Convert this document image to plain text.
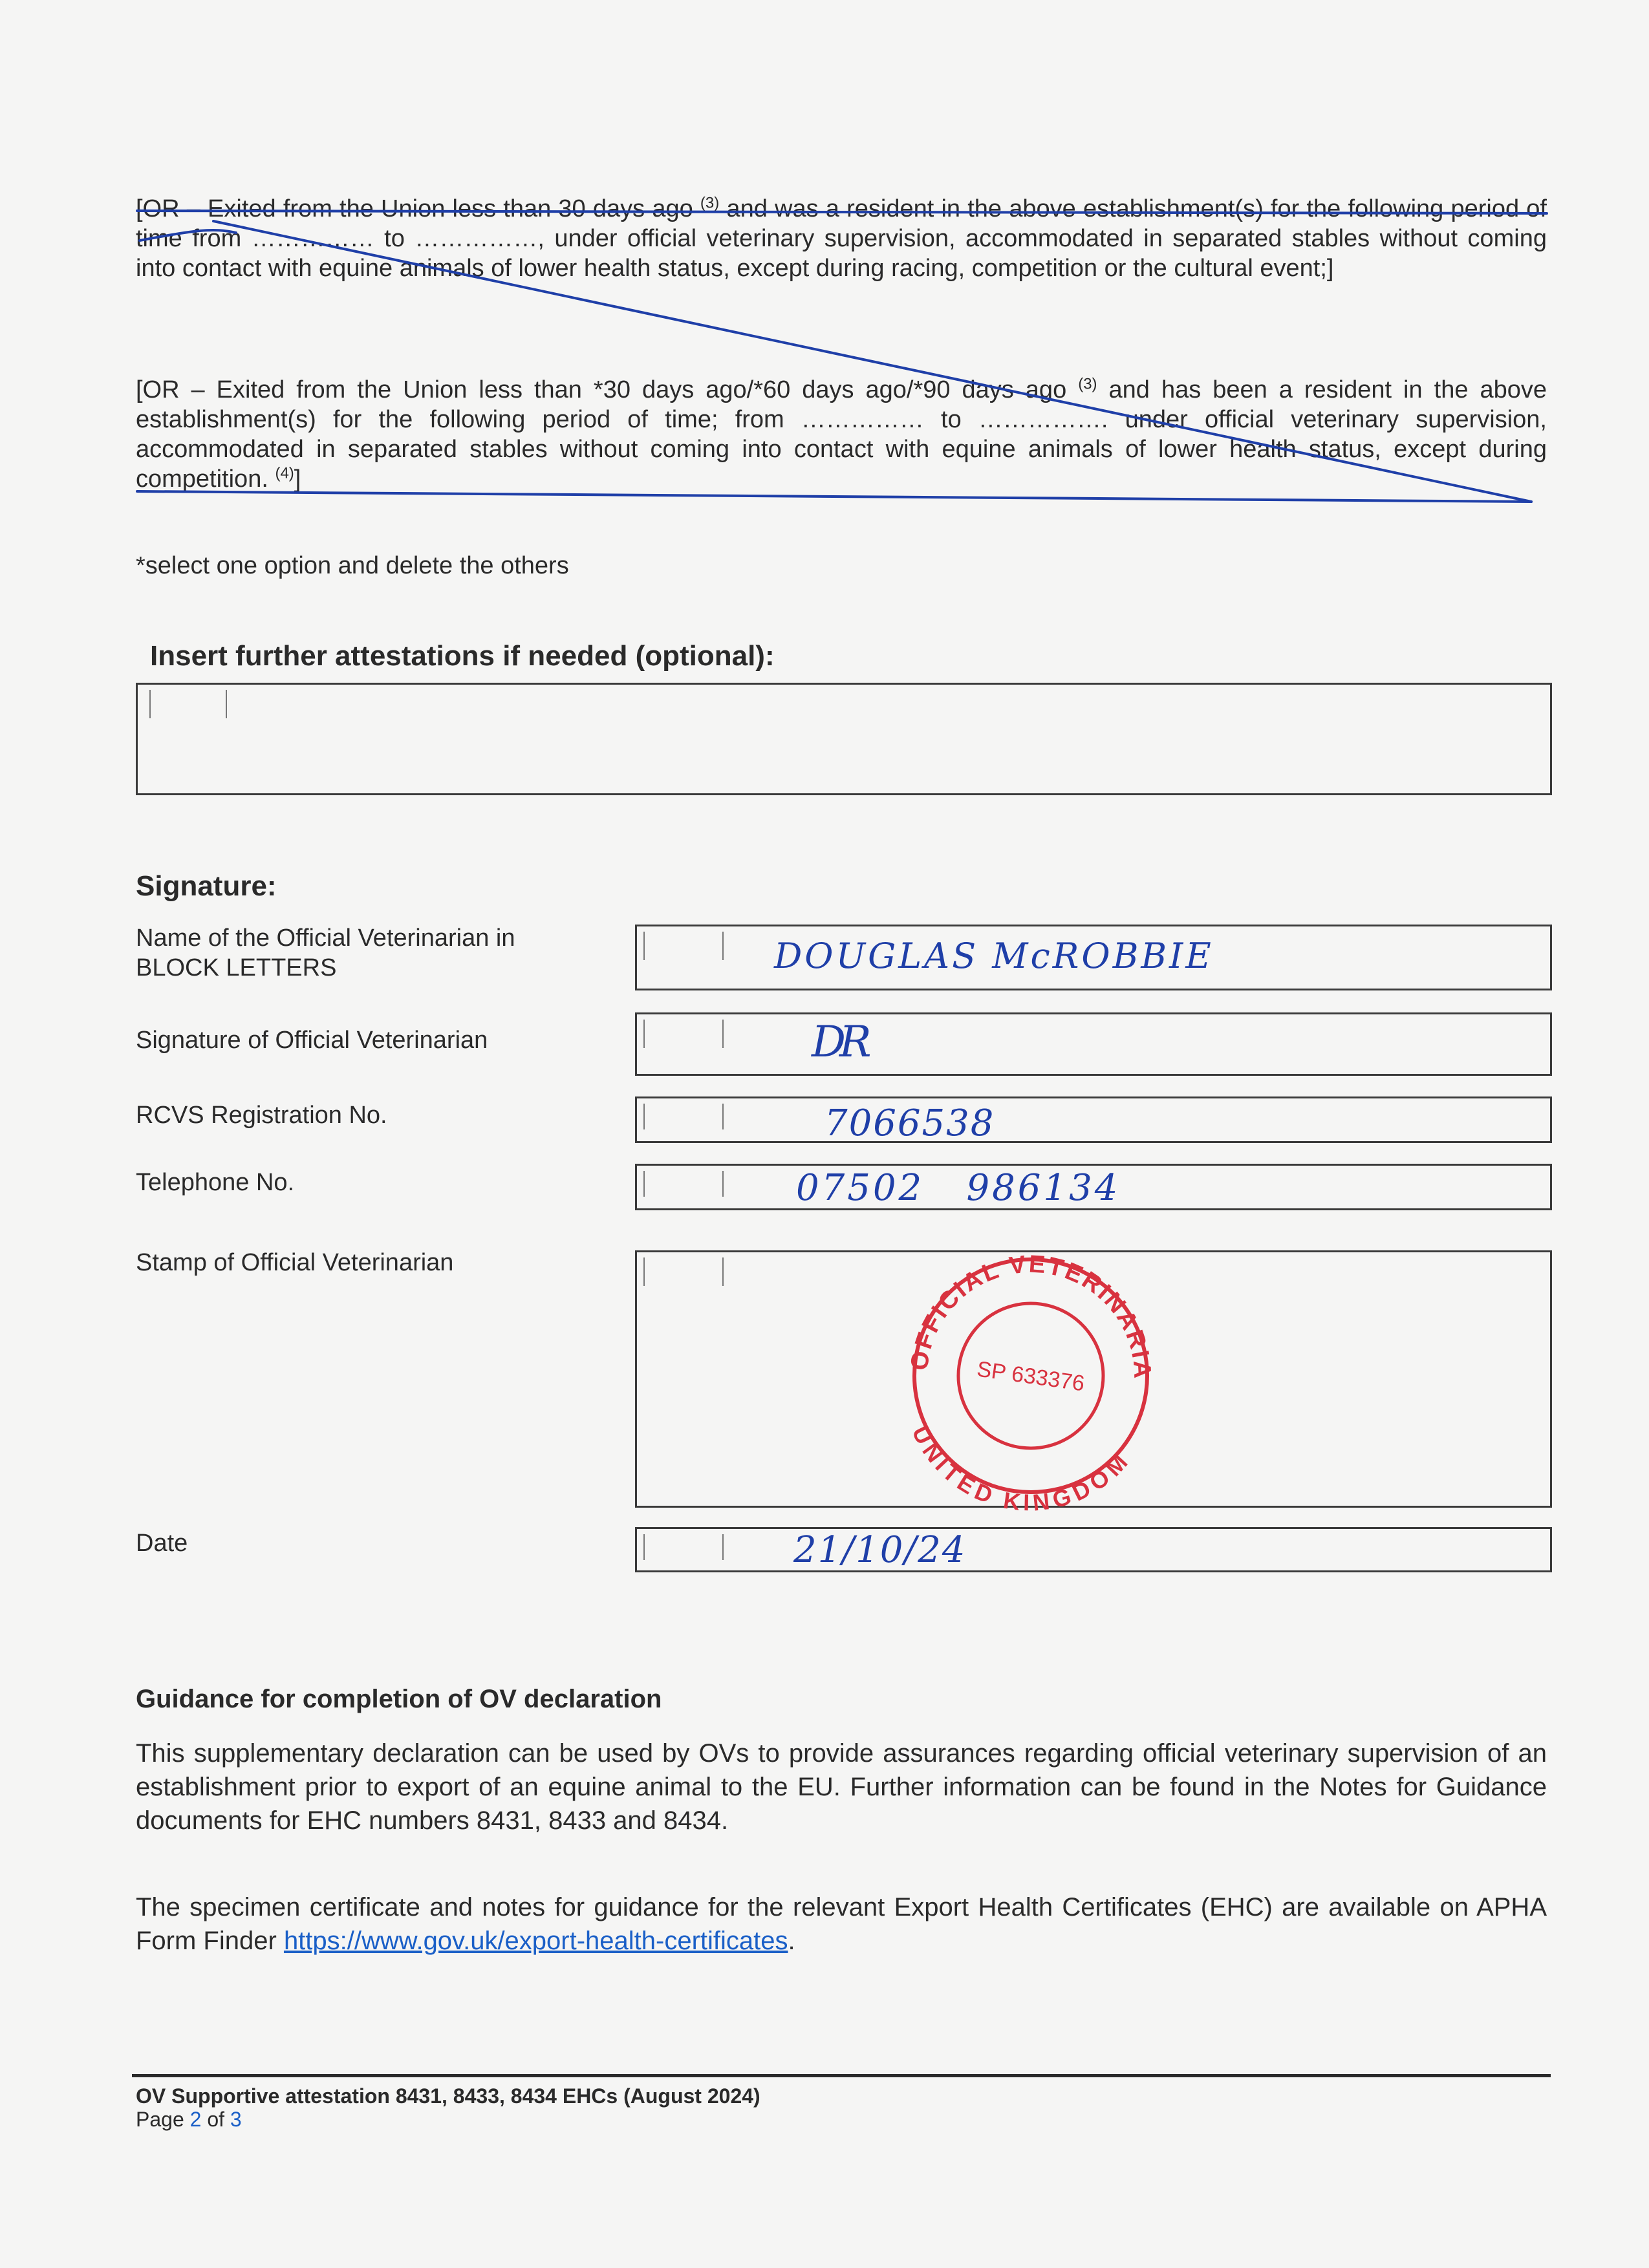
[OR – Exited from the Union less than 30 days ago $^{(3)}$ and was a resident in the above establishment(s) for the following period of time from …………… to ……………, under official veterinary supervision, accommodated in separated stables without coming into contact with equine animals of lower health status, except during racing, competition or the cultural event;]
[OR – Exited from the Union less than *30 days ago/*60 days ago/*90 days ago $^{(3)}$ and has been a resident in the above establishment(s) for the following period of time; from …………… to ……………. under official veterinary supervision, accommodated in separated stables without coming into contact with equine animals of lower health status, except during competition. $^{(4)}$]
*select one option and delete the others
Insert further attestations if needed (optional):
Signature:
Name of the Official Veterinarian in BLOCK LETTERS
Signature of Official Veterinarian
RCVS Registration No.
Telephone No.
Stamp of Official Veterinarian
Date
DOUGLAS McROBBIE
DR
7066538
07502   986134
21/10/24
OFFICIAL VETERINARIAN
UNITED KINGDOM
SP 633376
Guidance for completion of OV declaration
This supplementary declaration can be used by OVs to provide assurances regarding official veterinary supervision of an establishment prior to export of an equine animal to the EU. Further information can be found in the Notes for Guidance documents for EHC numbers 8431, 8433 and 8434.
The specimen certificate and notes for guidance for the relevant Export Health Certificates (EHC) are available on APHA Form Finder https://www.gov.uk/export-health-certificates.
OV Supportive attestation 8431, 8433, 8434 EHCs (August 2024)
Page 2 of 3
